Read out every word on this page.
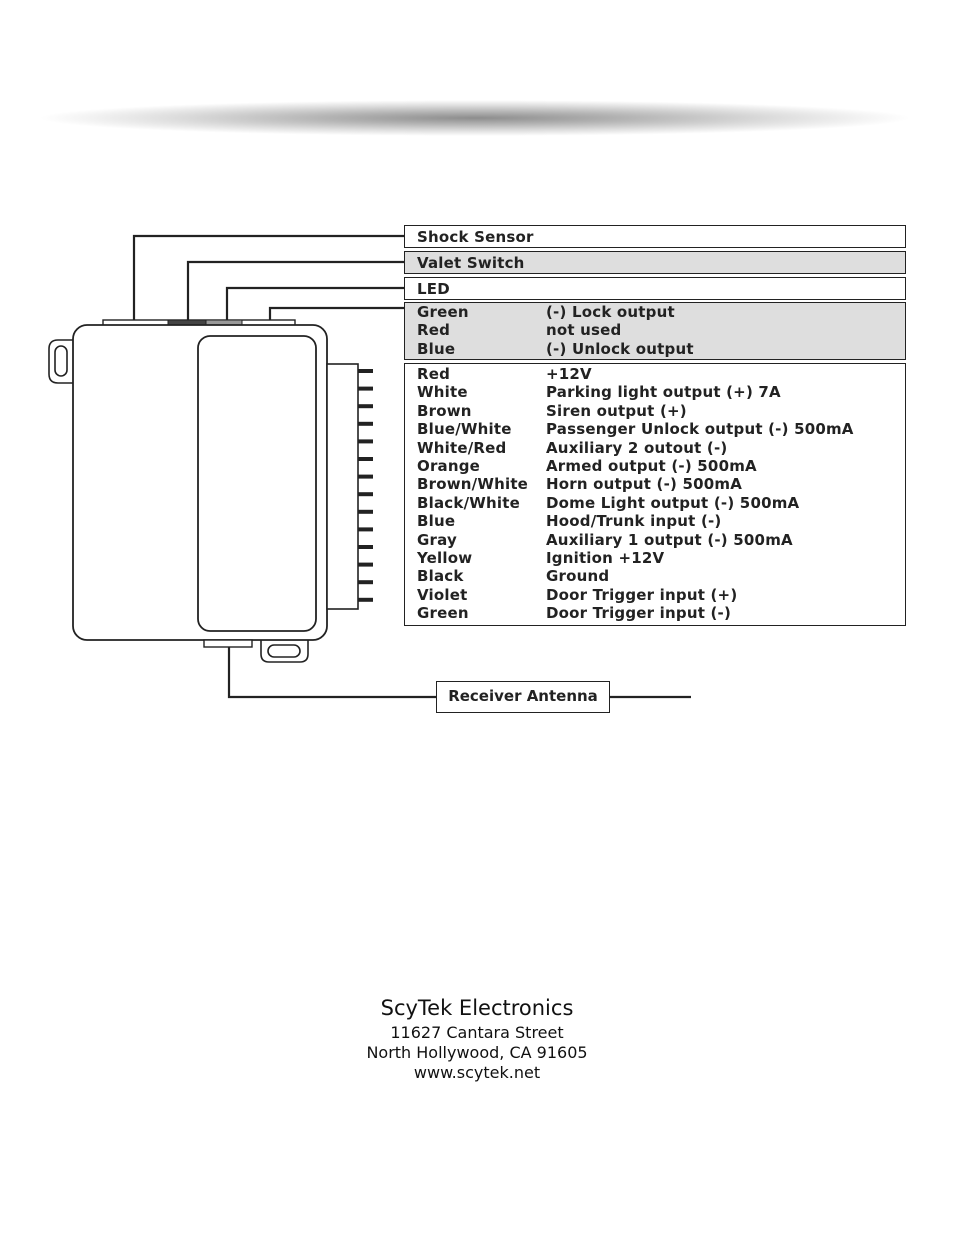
Shock Sensor
Valet Switch
LED
Green	(-) Lock output
Red	not used
Blue	(-) Unlock output
Red	+12V
White	Parking light output (+) 7A
Brown	Siren output (+)
Blue/White	Passenger Unlock output (-) 500mA
White/Red	Auxiliary 2 outout (-)
Orange	Armed output (-) 500mA
Brown/White	Horn output (-) 500mA
Black/White	Dome Light output (-) 500mA
Blue	Hood/Trunk input (-)
Gray	Auxiliary 1 output (-) 500mA
Yellow	Ignition +12V
Black	Ground
Violet	Door Trigger input (+)
Green	Door Trigger input (-)
Receiver Antenna
ScyTek Electronics
11627 Cantara Street
North Hollywood, CA 91605
www.scytek.net
